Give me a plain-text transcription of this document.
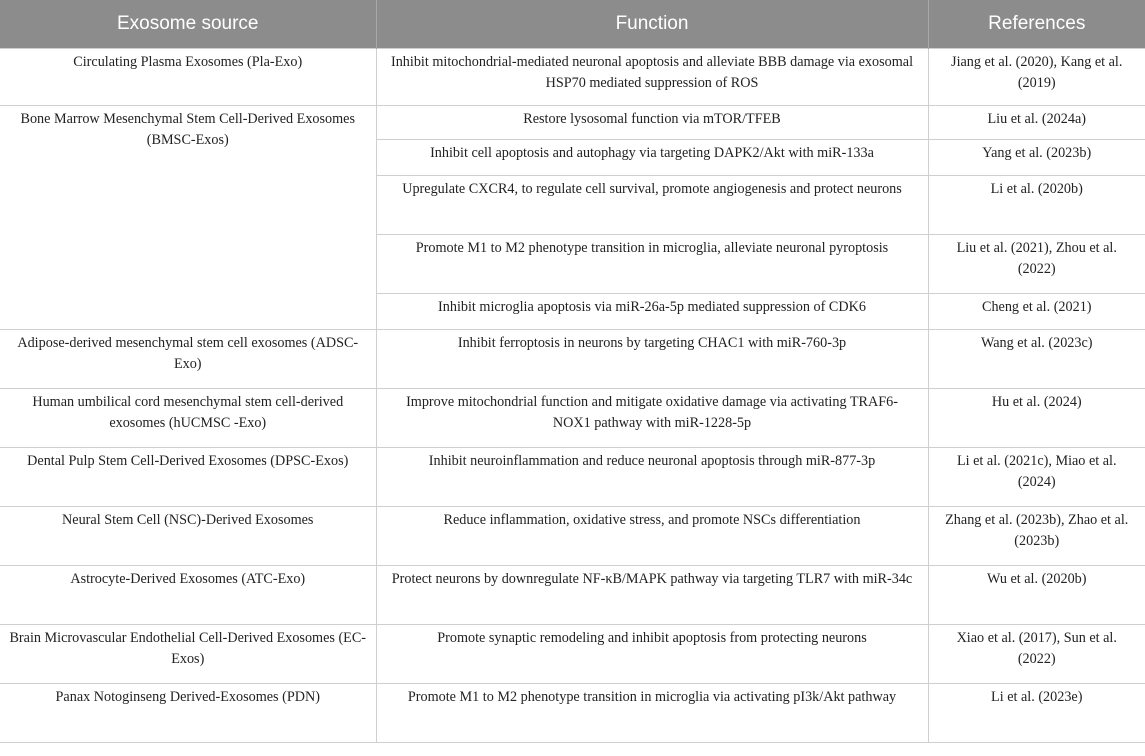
Exosome source	Function	References
Circulating Plasma Exosomes (Pla-Exo)	Inhibit mitochondrial-mediated neuronal apoptosis and alleviate BBB damage via exosomal HSP70 mediated suppression of ROS	Jiang et al. (2020), Kang et al. (2019)
Bone Marrow Mesenchymal Stem Cell-Derived Exosomes (BMSC-Exos)	Restore lysosomal function via mTOR/TFEB	Liu et al. (2024a)
	Inhibit cell apoptosis and autophagy via targeting DAPK2/Akt with miR-133a	Yang et al. (2023b)
	Upregulate CXCR4, to regulate cell survival, promote angiogenesis and protect neurons	Li et al. (2020b)
	Promote M1 to M2 phenotype transition in microglia, alleviate neuronal pyroptosis	Liu et al. (2021), Zhou et al. (2022)
	Inhibit microglia apoptosis via miR-26a-5p mediated suppression of CDK6	Cheng et al. (2021)
Adipose-derived mesenchymal stem cell exosomes (ADSC-Exo)	Inhibit ferroptosis in neurons by targeting CHAC1 with miR-760-3p	Wang et al. (2023c)
Human umbilical cord mesenchymal stem cell-derived exosomes (hUCMSC -Exo)	Improve mitochondrial function and mitigate oxidative damage via activating TRAF6- NOX1 pathway with miR-1228-5p	Hu et al. (2024)
Dental Pulp Stem Cell-Derived Exosomes (DPSC-Exos)	Inhibit neuroinflammation and reduce neuronal apoptosis through miR-877-3p	Li et al. (2021c), Miao et al. (2024)
Neural Stem Cell (NSC)-Derived Exosomes	Reduce inflammation, oxidative stress, and promote NSCs differentiation	Zhang et al. (2023b), Zhao et al. (2023b)
Astrocyte-Derived Exosomes (ATC-Exo)	Protect neurons by downregulate NF-κB/MAPK pathway via targeting TLR7 with miR-34c	Wu et al. (2020b)
Brain Microvascular Endothelial Cell-Derived Exosomes (EC-Exos)	Promote synaptic remodeling and inhibit apoptosis from protecting neurons	Xiao et al. (2017), Sun et al. (2022)
Panax Notoginseng Derived-Exosomes (PDN)	Promote M1 to M2 phenotype transition in microglia via activating pI3k/Akt pathway	Li et al. (2023e)
